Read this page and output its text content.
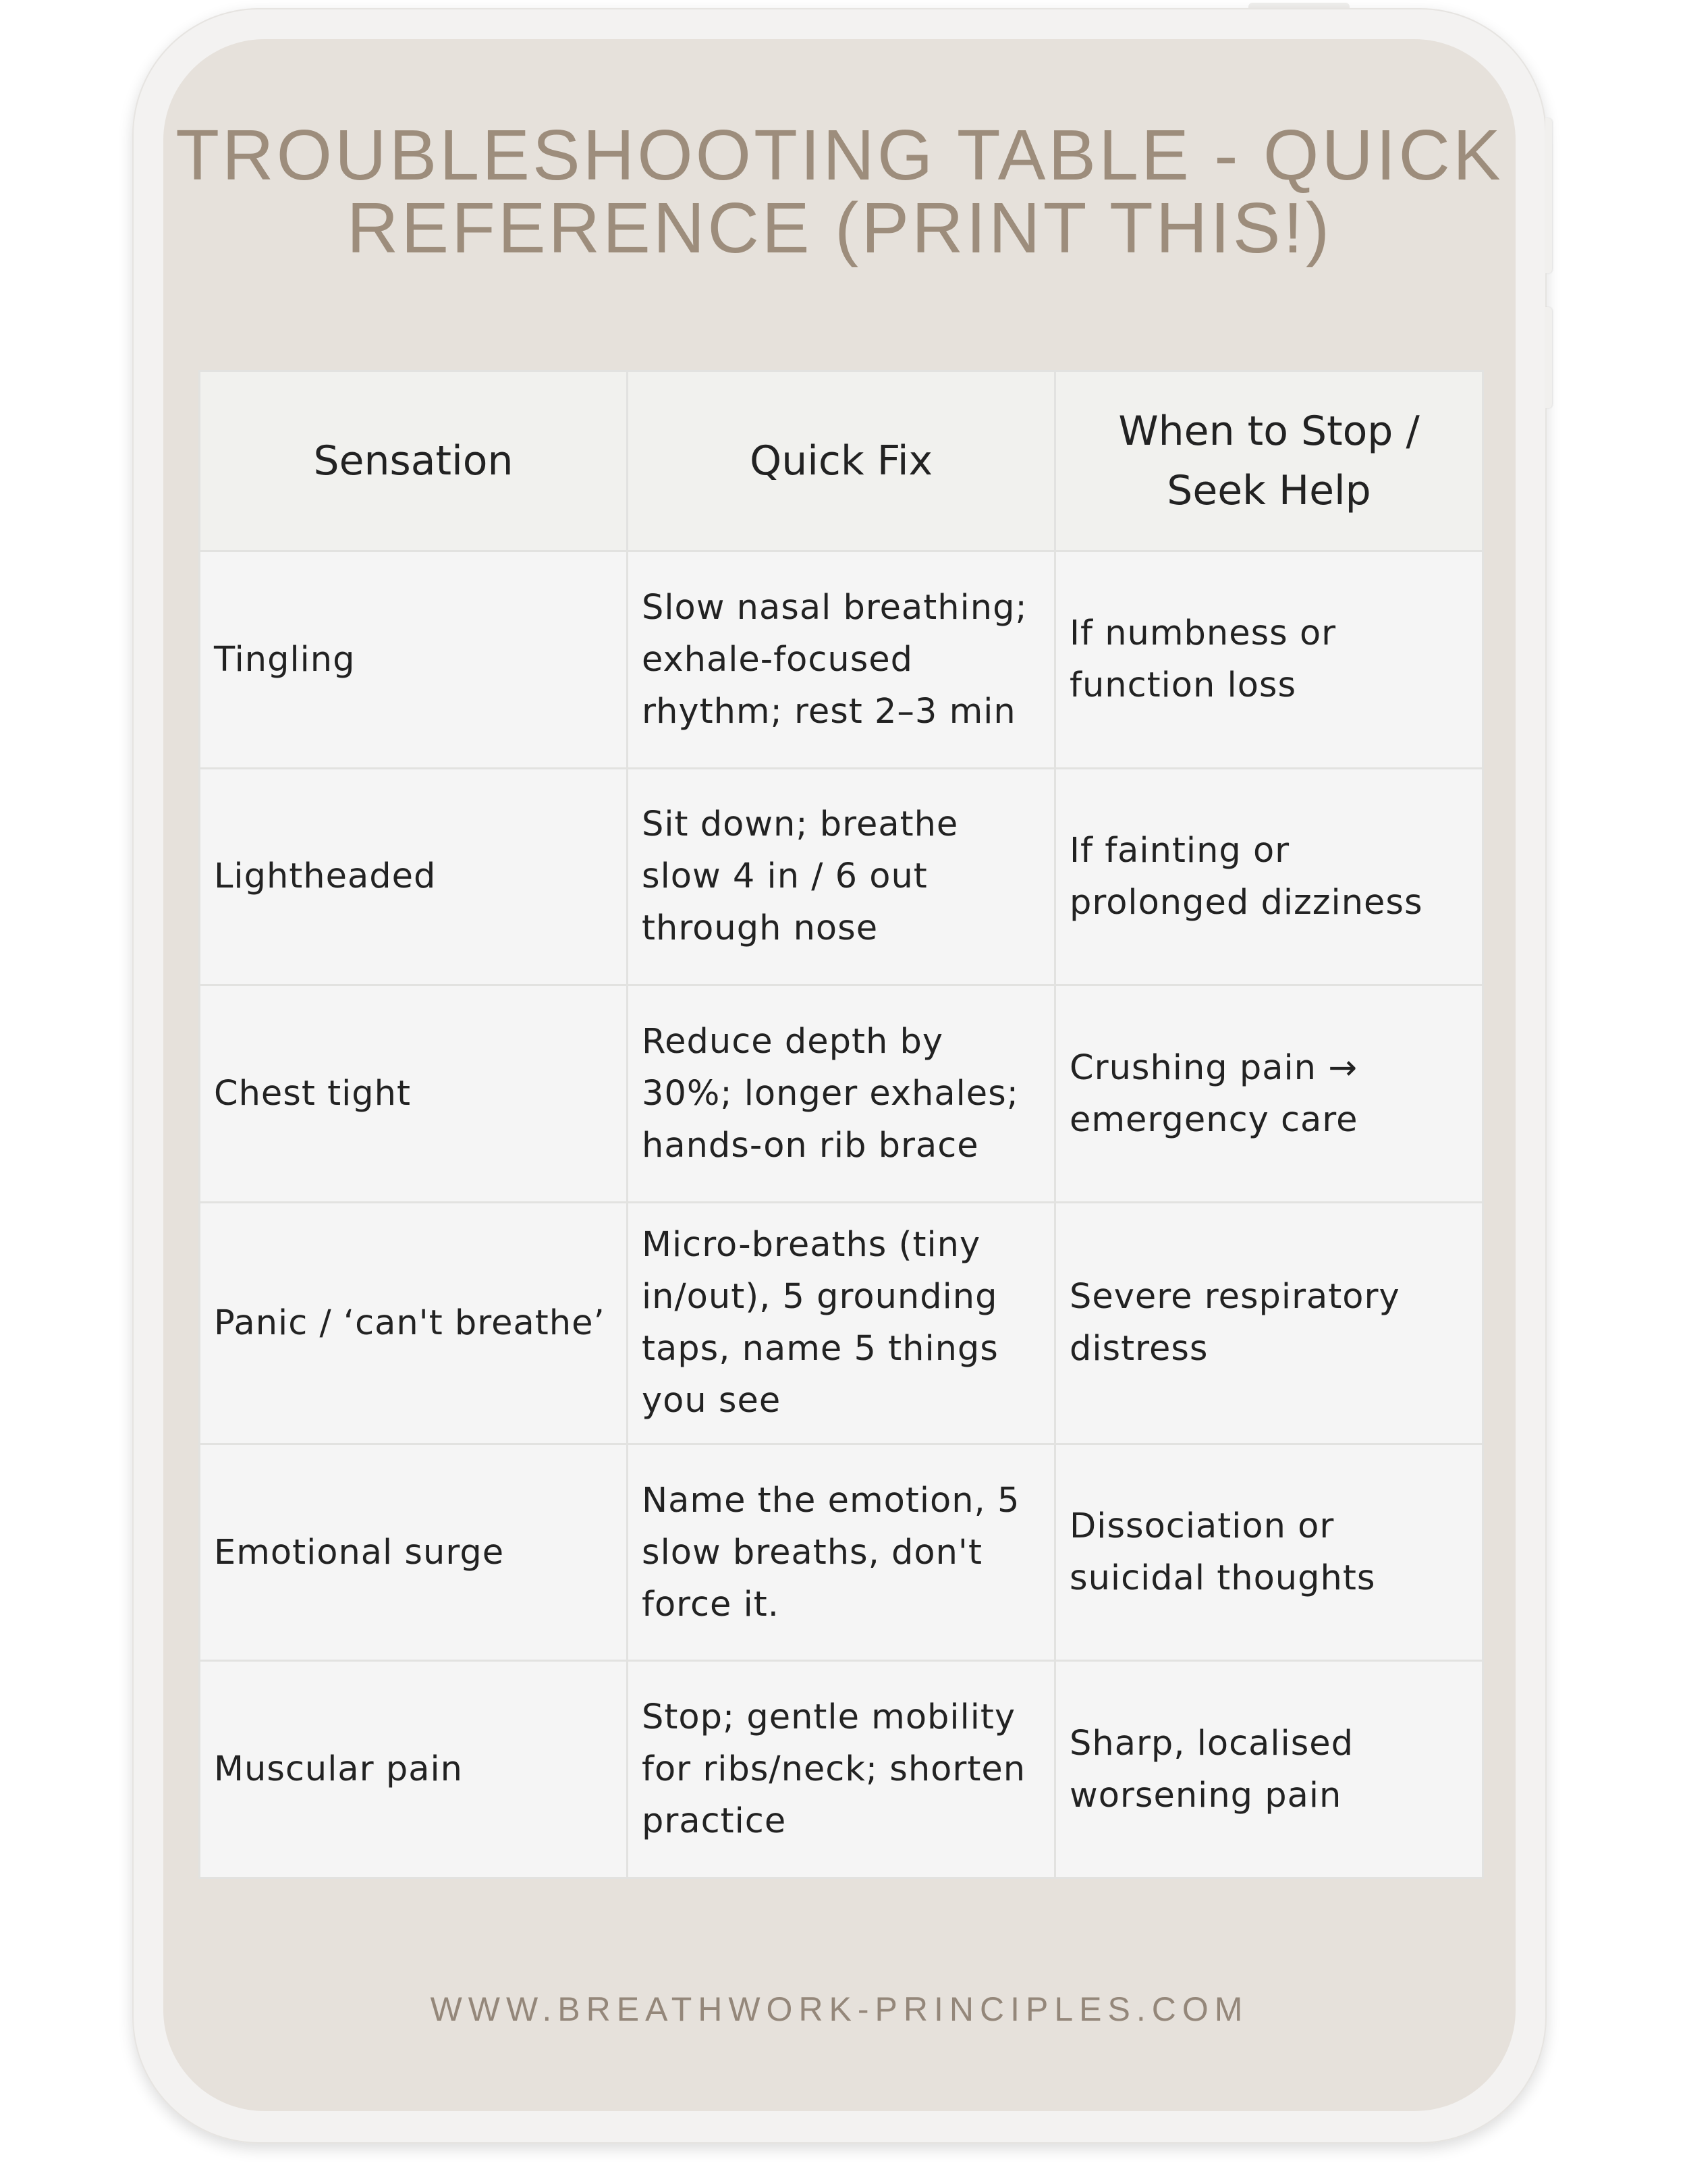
TROUBLESHOOTING TABLE - QUICK
REFERENCE (PRINT THIS!)
Sensation	Quick Fix	When to Stop / Seek Help
Tingling	Slow nasal breathing; exhale-focused rhythm; rest 2–3 min	If numbness or function loss
Lightheaded	Sit down; breathe slow 4 in / 6 out through nose	If fainting or prolonged dizziness
Chest tight	Reduce depth by 30%; longer exhales; hands-on rib brace	Crushing pain → emergency care
Panic / ‘can't breathe’	Micro-breaths (tiny in/out), 5 grounding taps, name 5 things you see	Severe respiratory distress
Emotional surge	Name the emotion, 5 slow breaths, don't force it.	Dissociation or suicidal thoughts
Muscular pain	Stop; gentle mobility for ribs/neck; shorten practice	Sharp, localised worsening pain
WWW.BREATHWORK-PRINCIPLES.COM
